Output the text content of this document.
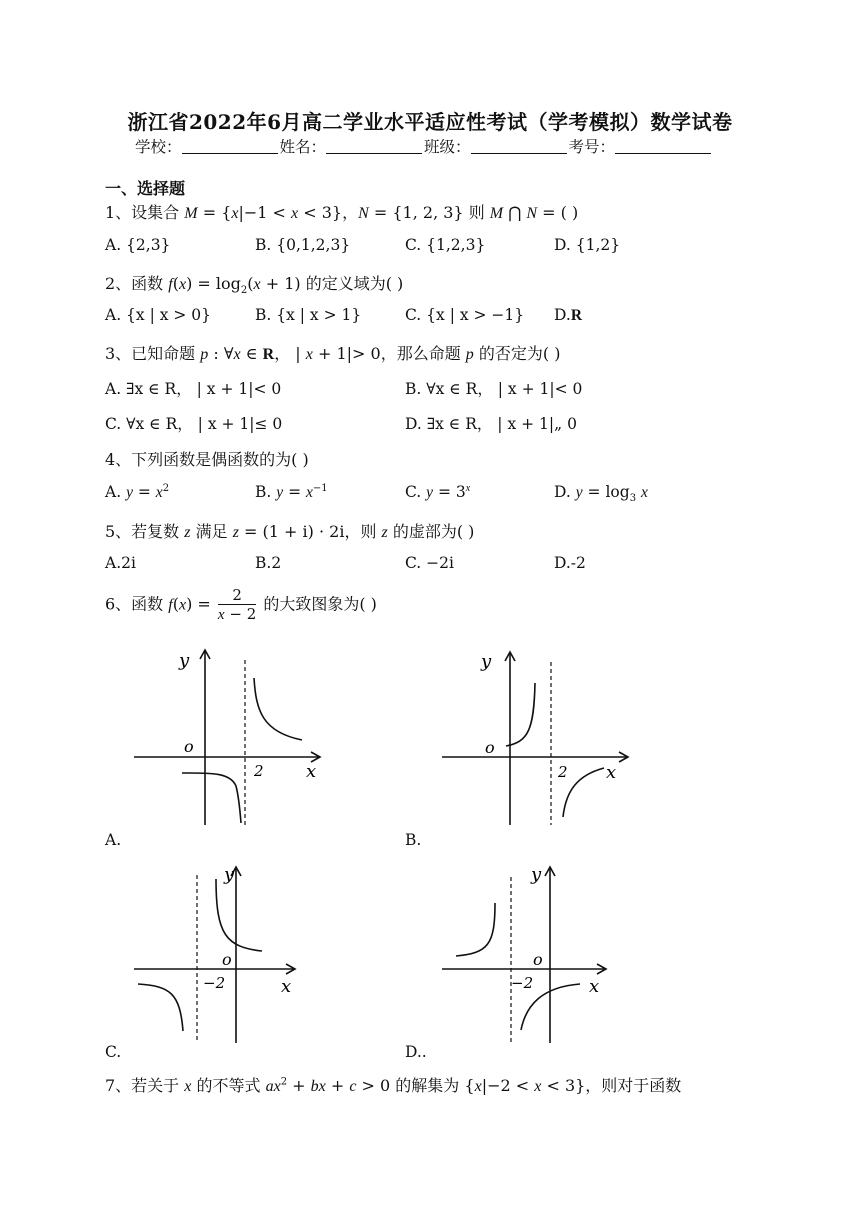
浙江省2022年6月高二学业水平适应性考试（学考模拟）数学试卷
学校：	姓名：	班级：	考号：
一、选择题
1、设集合 M = {x|−1 < x < 3}，N = {1, 2, 3} 则 M ⋂ N = ( )
A. {2,3}	B. {0,1,2,3}	C. {1,2,3}	D. {1,2}
2、函数 $f(x) = \log_2(x + 1)$ 的定义域为( )
A. {x | x > 0}	B. {x | x > 1}	C. {x | x > −1} D.R
3、已知命题 p : ∀x ∈ R， | x + 1|> 0，那么命题 p 的否定为( )
A. ∃x ∈ R， | x + 1|< 0	B. ∀x ∈ R， | x + 1|< 0
C. ∀x ∈ R， | x + 1|≤ 0	D. ∃x ∈ R， | x + 1|„ 0
4、下列函数是偶函数的为( )
A. $y = x^2$	B. $y = x^{-1}$	C. $y = 3^x$	D. $y = \log_3 x$
5、若复数 z 满足 z = (1 + i) · 2i，则 z 的虚部为( )
A.2i	B.2	C. −2i	D.-2
6、函数 $f(x) = \frac{2}{x - 2}$ 的大致图象为( )
y
o
2 x
A.
y
o
2 x
B.
y
o
−2	x
C.
y
o
−2	x
D..
7、若关于 x 的不等式 $ax^2$ + bx + c > 0 的解集为 {x|−2 < x < 3}，则对于函数
